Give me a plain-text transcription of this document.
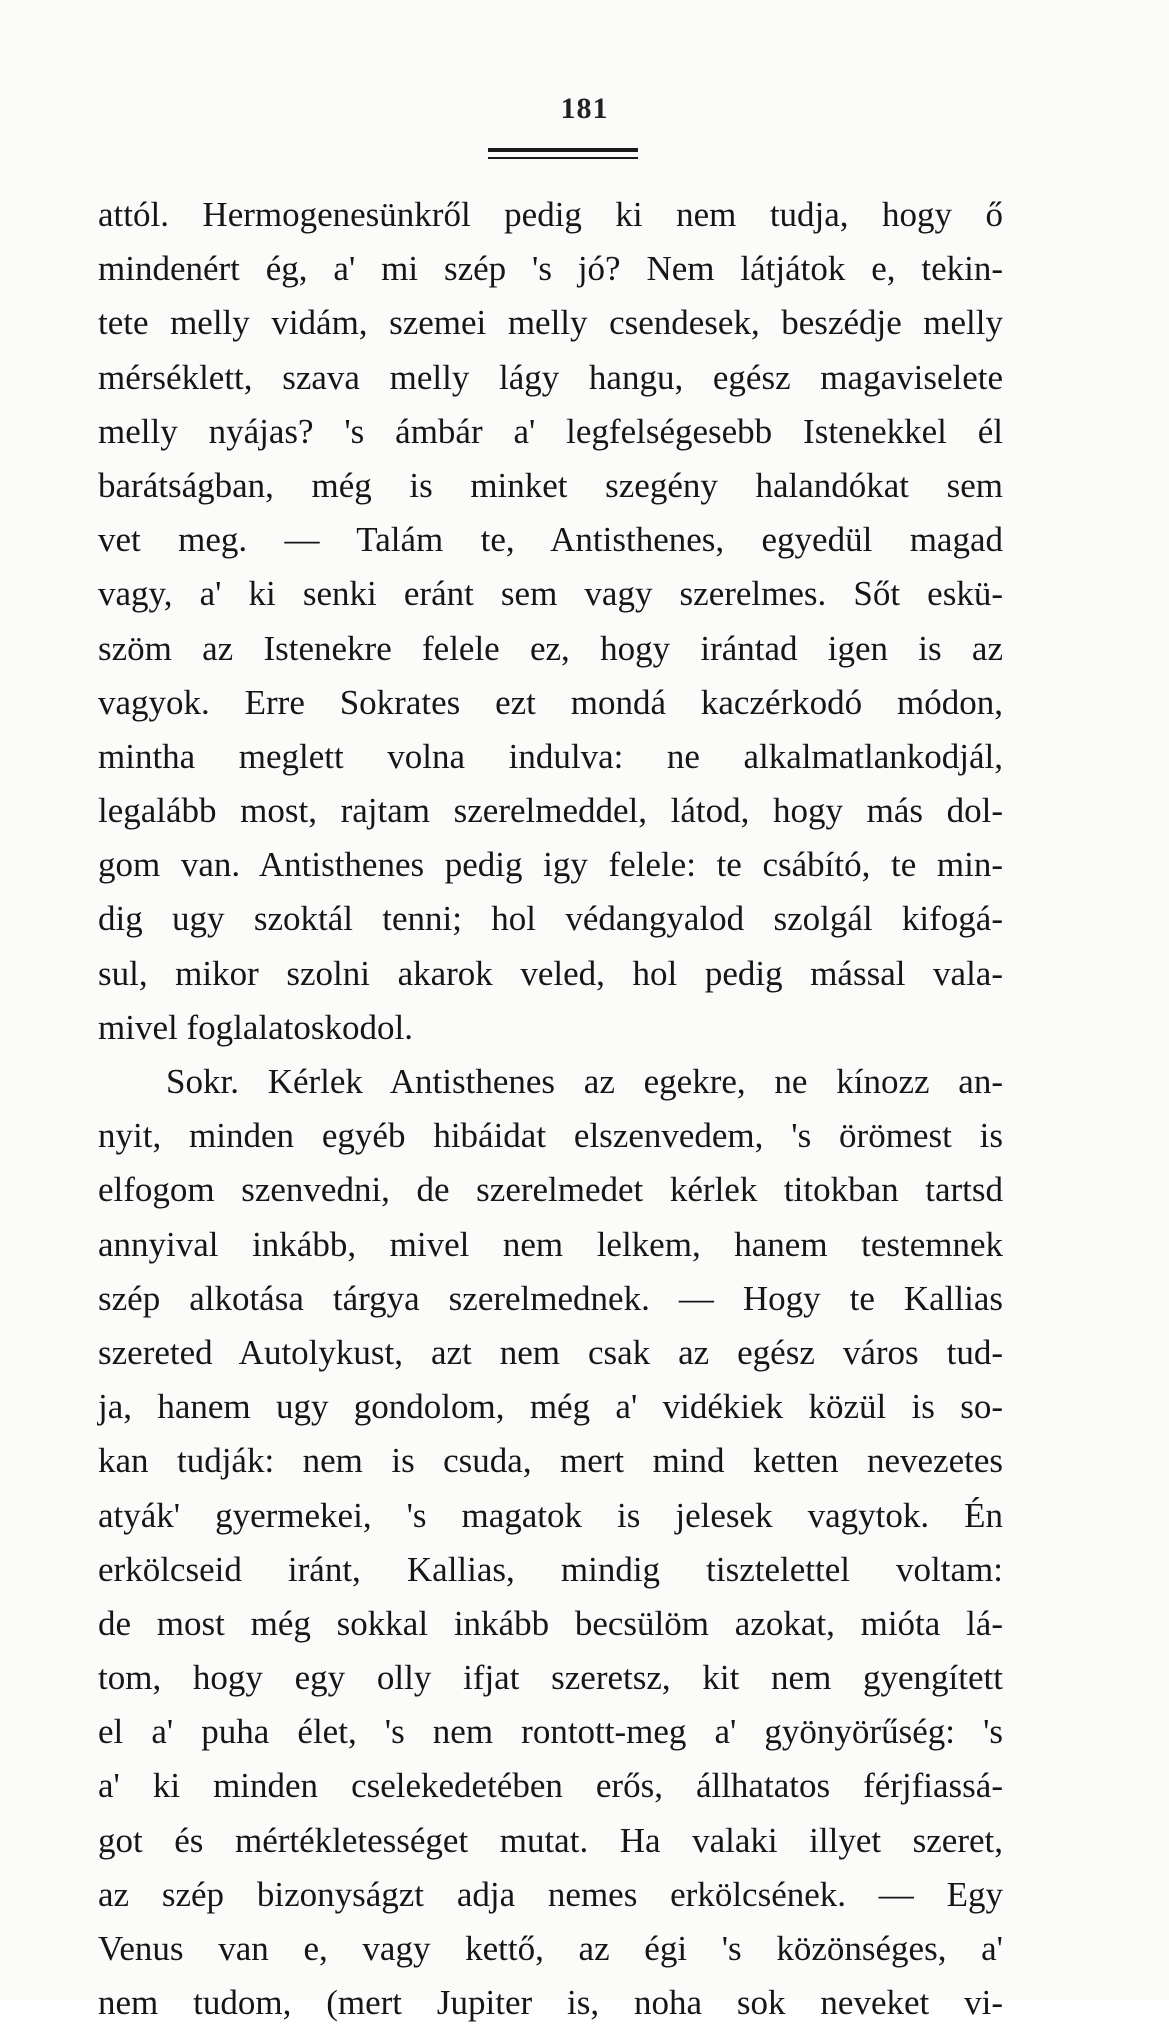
181
attól. Hermogenesünkről pedig ki nem tudja, hogy ő
mindenért ég, a' mi szép 's jó? Nem látjátok e, tekin-
tete melly vidám, szemei melly csendesek, beszédje melly
mérséklett, szava melly lágy hangu, egész magaviselete
melly nyájas? 's ámbár a' legfelségesebb Istenekkel él
barátságban, még is minket szegény halandókat sem
vet meg. — Talám te, Antisthenes, egyedül magad
vagy, a' ki senki eránt sem vagy szerelmes. Sőt eskü-
szöm az Istenekre felele ez, hogy irántad igen is az
vagyok. Erre Sokrates ezt mondá kaczérkodó módon,
mintha meglett volna indulva: ne alkalmatlankodjál,
legalább most, rajtam szerelmeddel, látod, hogy más dol-
gom van. Antisthenes pedig igy felele: te csábító, te min-
dig ugy szoktál tenni; hol védangyalod szolgál kifogá-
sul, mikor szolni akarok veled, hol pedig mással vala-
mivel foglalatoskodol.
Sokr. Kérlek Antisthenes az egekre, ne kínozz an-
nyit, minden egyéb hibáidat elszenvedem, 's örömest is
elfogom szenvedni, de szerelmedet kérlek titokban tartsd
annyival inkább, mivel nem lelkem, hanem testemnek
szép alkotása tárgya szerelmednek. — Hogy te Kallias
szereted Autolykust, azt nem csak az egész város tud-
ja, hanem ugy gondolom, még a' vidékiek közül is so-
kan tudják: nem is csuda, mert mind ketten nevezetes
atyák' gyermekei, 's magatok is jelesek vagytok. Én
erkölcseid iránt, Kallias, mindig tisztelettel voltam:
de most még sokkal inkább becsülöm azokat, mióta lá-
tom, hogy egy olly ifjat szeretsz, kit nem gyengített
el a' puha élet, 's nem rontott-meg a' gyönyörűség: 's
a' ki minden cselekedetében erős, állhatatos férjfiassá-
got és mértékletességet mutat. Ha valaki illyet szeret,
az szép bizonyságzt adja nemes erkölcsének. — Egy
Venus van e, vagy kettő, az égi 's közönséges, a'
nem tudom, (mert Jupiter is, noha sok neveket vi-
